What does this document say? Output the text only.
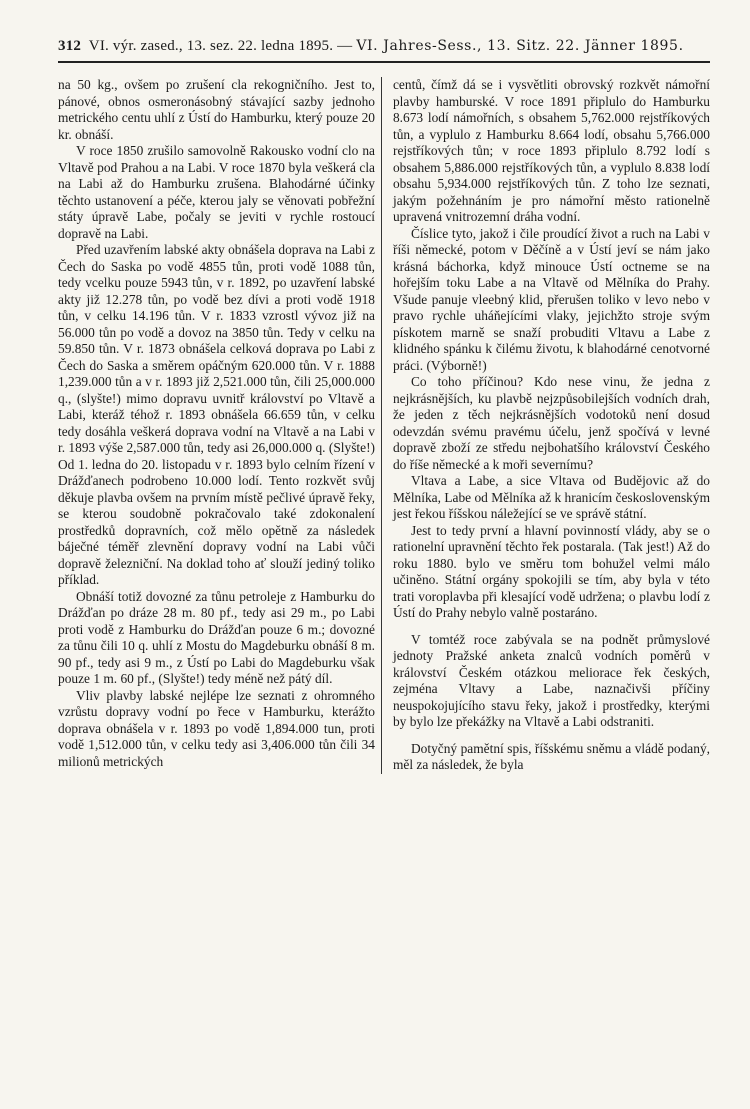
312 VI. výr. zased., 13. sez. 22. ledna 1895. — VI. Jahres-Sess., 13. Sitz. 22. Jänner 1895.

na 50 kg., ovšem po zrušení cla rekogničního. Jest to, pánové, obnos osmeronásobný stávající sazby jednoho metrického centu uhlí z Ústí do Hamburku, který pouze 20 kr. obnáší.

V roce 1850 zrušilo samovolně Rakousko vodní clo na Vltavě pod Prahou a na Labi. V roce 1870 byla veškerá cla na Labi až do Hamburku zrušena. Blahodárné účinky těchto ustanovení a péče, kterou jaly se věnovati pobřežní státy úpravě Labe, počaly se jeviti v rychle rostoucí dopravě na Labi.

Před uzavřením labské akty obnášela doprava na Labi z Čech do Saska po vodě 4855 tůn, proti vodě 1088 tůn, tedy vcelku pouze 5943 tůn, v r. 1892, po uzavření labské akty již 12.278 tůn, po vodě bez dívi a proti vodě 1918 tůn, v celku 14.196 tůn. V r. 1833 vzrostl vývoz již na 56.000 tůn po vodě a dovoz na 3850 tůn. Tedy v celku na 59.850 tůn. V r. 1873 obnášela celková doprava po Labi z Čech do Saska a směrem opáčným 620.000 tůn. V r. 1888 1,239.000 tůn a v r. 1893 již 2,521.000 tůn, čili 25,000.000 q., (slyšte!) mimo dopravu uvnitř království po Vltavě a Labi, kteráž téhož r. 1893 obnášela 66.659 tůn, v celku tedy dosáhla veškerá doprava vodní na Vltavě a na Labi v r. 1893 výše 2,587.000 tůn, tedy asi 26,000.000 q. (Slyšte!) Od 1. ledna do 20. listopadu v r. 1893 bylo celním řízení v Drážďanech podrobeno 10.000 lodí. Tento rozkvět svůj děkuje plavba ovšem na prvním místě pečlivé úpravě řeky, se kterou soudobně pokračovalo také zdokonalení prostředků dopravních, což mělo opětně za následek báječné téměř zlevnění dopravy vodní na Labi vůči dopravě železniční. Na doklad toho ať slouží jediný toliko příklad.

Obnáší totiž dovozné za tůnu petroleje z Hamburku do Drážďan po dráze 28 m. 80 pf., tedy asi 29 m., po Labi proti vodě z Hamburku do Drážďan pouze 6 m.; dovozné za tůnu čili 10 q. uhlí z Mostu do Magdeburku obnáší 8 m. 90 pf., tedy asi 9 m., z Ústí po Labi do Magdeburku však pouze 1 m. 60 pf., (Slyšte!) tedy méně než pátý díl.

Vliv plavby labské nejlépe lze seznati z ohromného vzrůstu dopravy vodní po řece v Hamburku, kterážto doprava obnášela v r. 1893 po vodě 1,894.000 tun, proti vodě 1,512.000 tůn, v celku tedy asi 3,406.000 tůn čili 34 milionů metrických

centů, čímž dá se i vysvětliti obrovský rozkvět námořní plavby hamburské. V roce 1891 připlulo do Hamburku 8.673 lodí námořních, s obsahem 5,762.000 rejstříkových tůn, a vyplulo z Hamburku 8.664 lodí, obsahu 5,766.000 rejstříkových tůn; v roce 1893 připlulo 8.792 lodí s obsahem 5,886.000 rejstříkových tůn, a vyplulo 8.838 lodí obsahu 5,934.000 rejstříkových tůn. Z toho lze seznati, jakým požehnáním je pro námořní město rationelně upravená vnitrozemní dráha vodní.

Číslice tyto, jakož i čile proudící život a ruch na Labi v říši německé, potom v Děčíně a v Ústí jeví se nám jako krásná báchorka, když minouce Ústí octneme se na hořejším toku Labe a na Vltavě od Mělníka do Prahy. Všude panuje vleebný klid, přerušen toliko v levo nebo v pravo rychle uháňejícími vlaky, jejichžto stroje svým pískotem marně se snaží probuditi Vltavu a Labe z klidného spánku k čilému životu, k blahodárné cenotvorné práci. (Výborně!)

Co toho příčinou? Kdo nese vinu, že jedna z nejkrásnějších, ku plavbě nejzpůsobilejších vodních drah, že jeden z těch nejkrásnějších vodotoků není dosud odevzdán svému pravému účelu, jenž spočívá v levné dopravě zboží ze středu nejbohatšího království Českého do říše německé a k moři severnímu?

Vltava a Labe, a sice Vltava od Budějovic až do Mělníka, Labe od Mělníka až k hranicím československým jest řekou říšskou náležející se ve správě státní.

Jest to tedy první a hlavní povinností vlády, aby se o rationelní upravnění těchto řek postarala. (Tak jest!) Až do roku 1880. bylo ve směru tom bohužel velmi málo učiněno. Státní orgány spokojili se tím, aby byla v této trati voroplavba při klesající vodě udržena; o plavbu lodí z Ústí do Prahy nebylo valně postaráno.

V tomtéž roce zabývala se na podnět průmyslové jednoty Pražské anketa znalců vodních poměrů v království Českém otázkou meliorace řek českých, zejména Vltavy a Labe, naznačivši příčiny neuspokojujícího stavu řeky, jakož i prostředky, kterými by bylo lze překážky na Vltavě a Labi odstraniti.

Dotyčný pamětní spis, říšskému sněmu a vládě podaný, měl za následek, že byla
